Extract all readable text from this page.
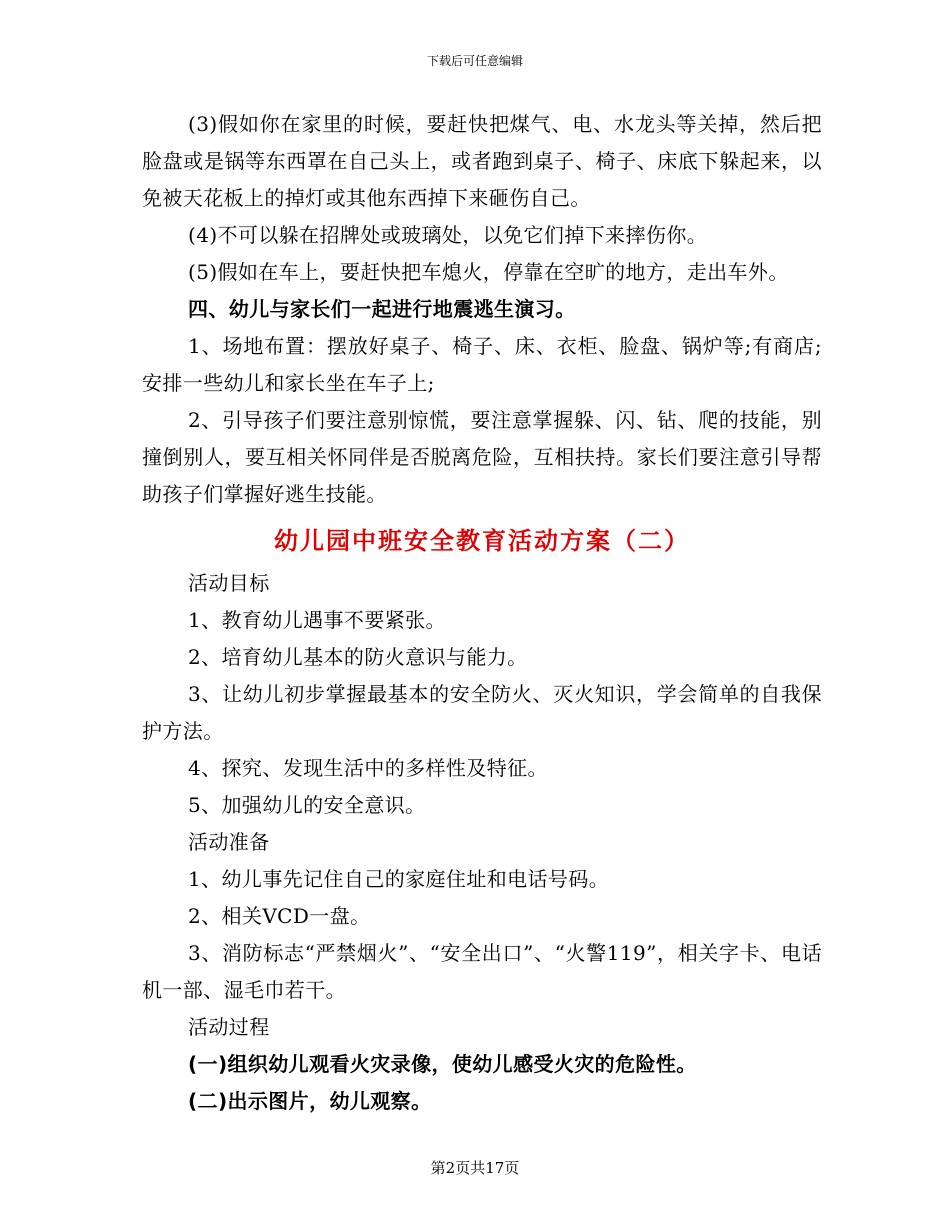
下载后可任意编辑

(3)假如你在家里的时候，要赶快把煤气、电、水龙头等关掉，然后把脸盘或是锅等东西罩在自己头上，或者跑到桌子、椅子、床底下躲起来，以免被天花板上的掉灯或其他东西掉下来砸伤自己。

(4)不可以躲在招牌处或玻璃处，以免它们掉下来摔伤你。

(5)假如在车上，要赶快把车熄火，停靠在空旷的地方，走出车外。

四、幼儿与家长们一起进行地震逃生演习。

1、场地布置：摆放好桌子、椅子、床、衣柜、脸盘、锅炉等;有商店;安排一些幼儿和家长坐在车子上;

2、引导孩子们要注意别惊慌，要注意掌握躲、闪、钻、爬的技能，别撞倒别人，要互相关怀同伴是否脱离危险，互相扶持。家长们要注意引导帮助孩子们掌握好逃生技能。

幼儿园中班安全教育活动方案（二）

活动目标

1、教育幼儿遇事不要紧张。

2、培育幼儿基本的防火意识与能力。

3、让幼儿初步掌握最基本的安全防火、灭火知识，学会简单的自我保护方法。

4、探究、发现生活中的多样性及特征。

5、加强幼儿的安全意识。

活动准备

1、幼儿事先记住自己的家庭住址和电话号码。

2、相关VCD一盘。

3、消防标志“严禁烟火”、“安全出口”、“火警119”，相关字卡、电话机一部、湿毛巾若干。

活动过程

(一)组织幼儿观看火灾录像，使幼儿感受火灾的危险性。

(二)出示图片，幼儿观察。

第2页共17页
